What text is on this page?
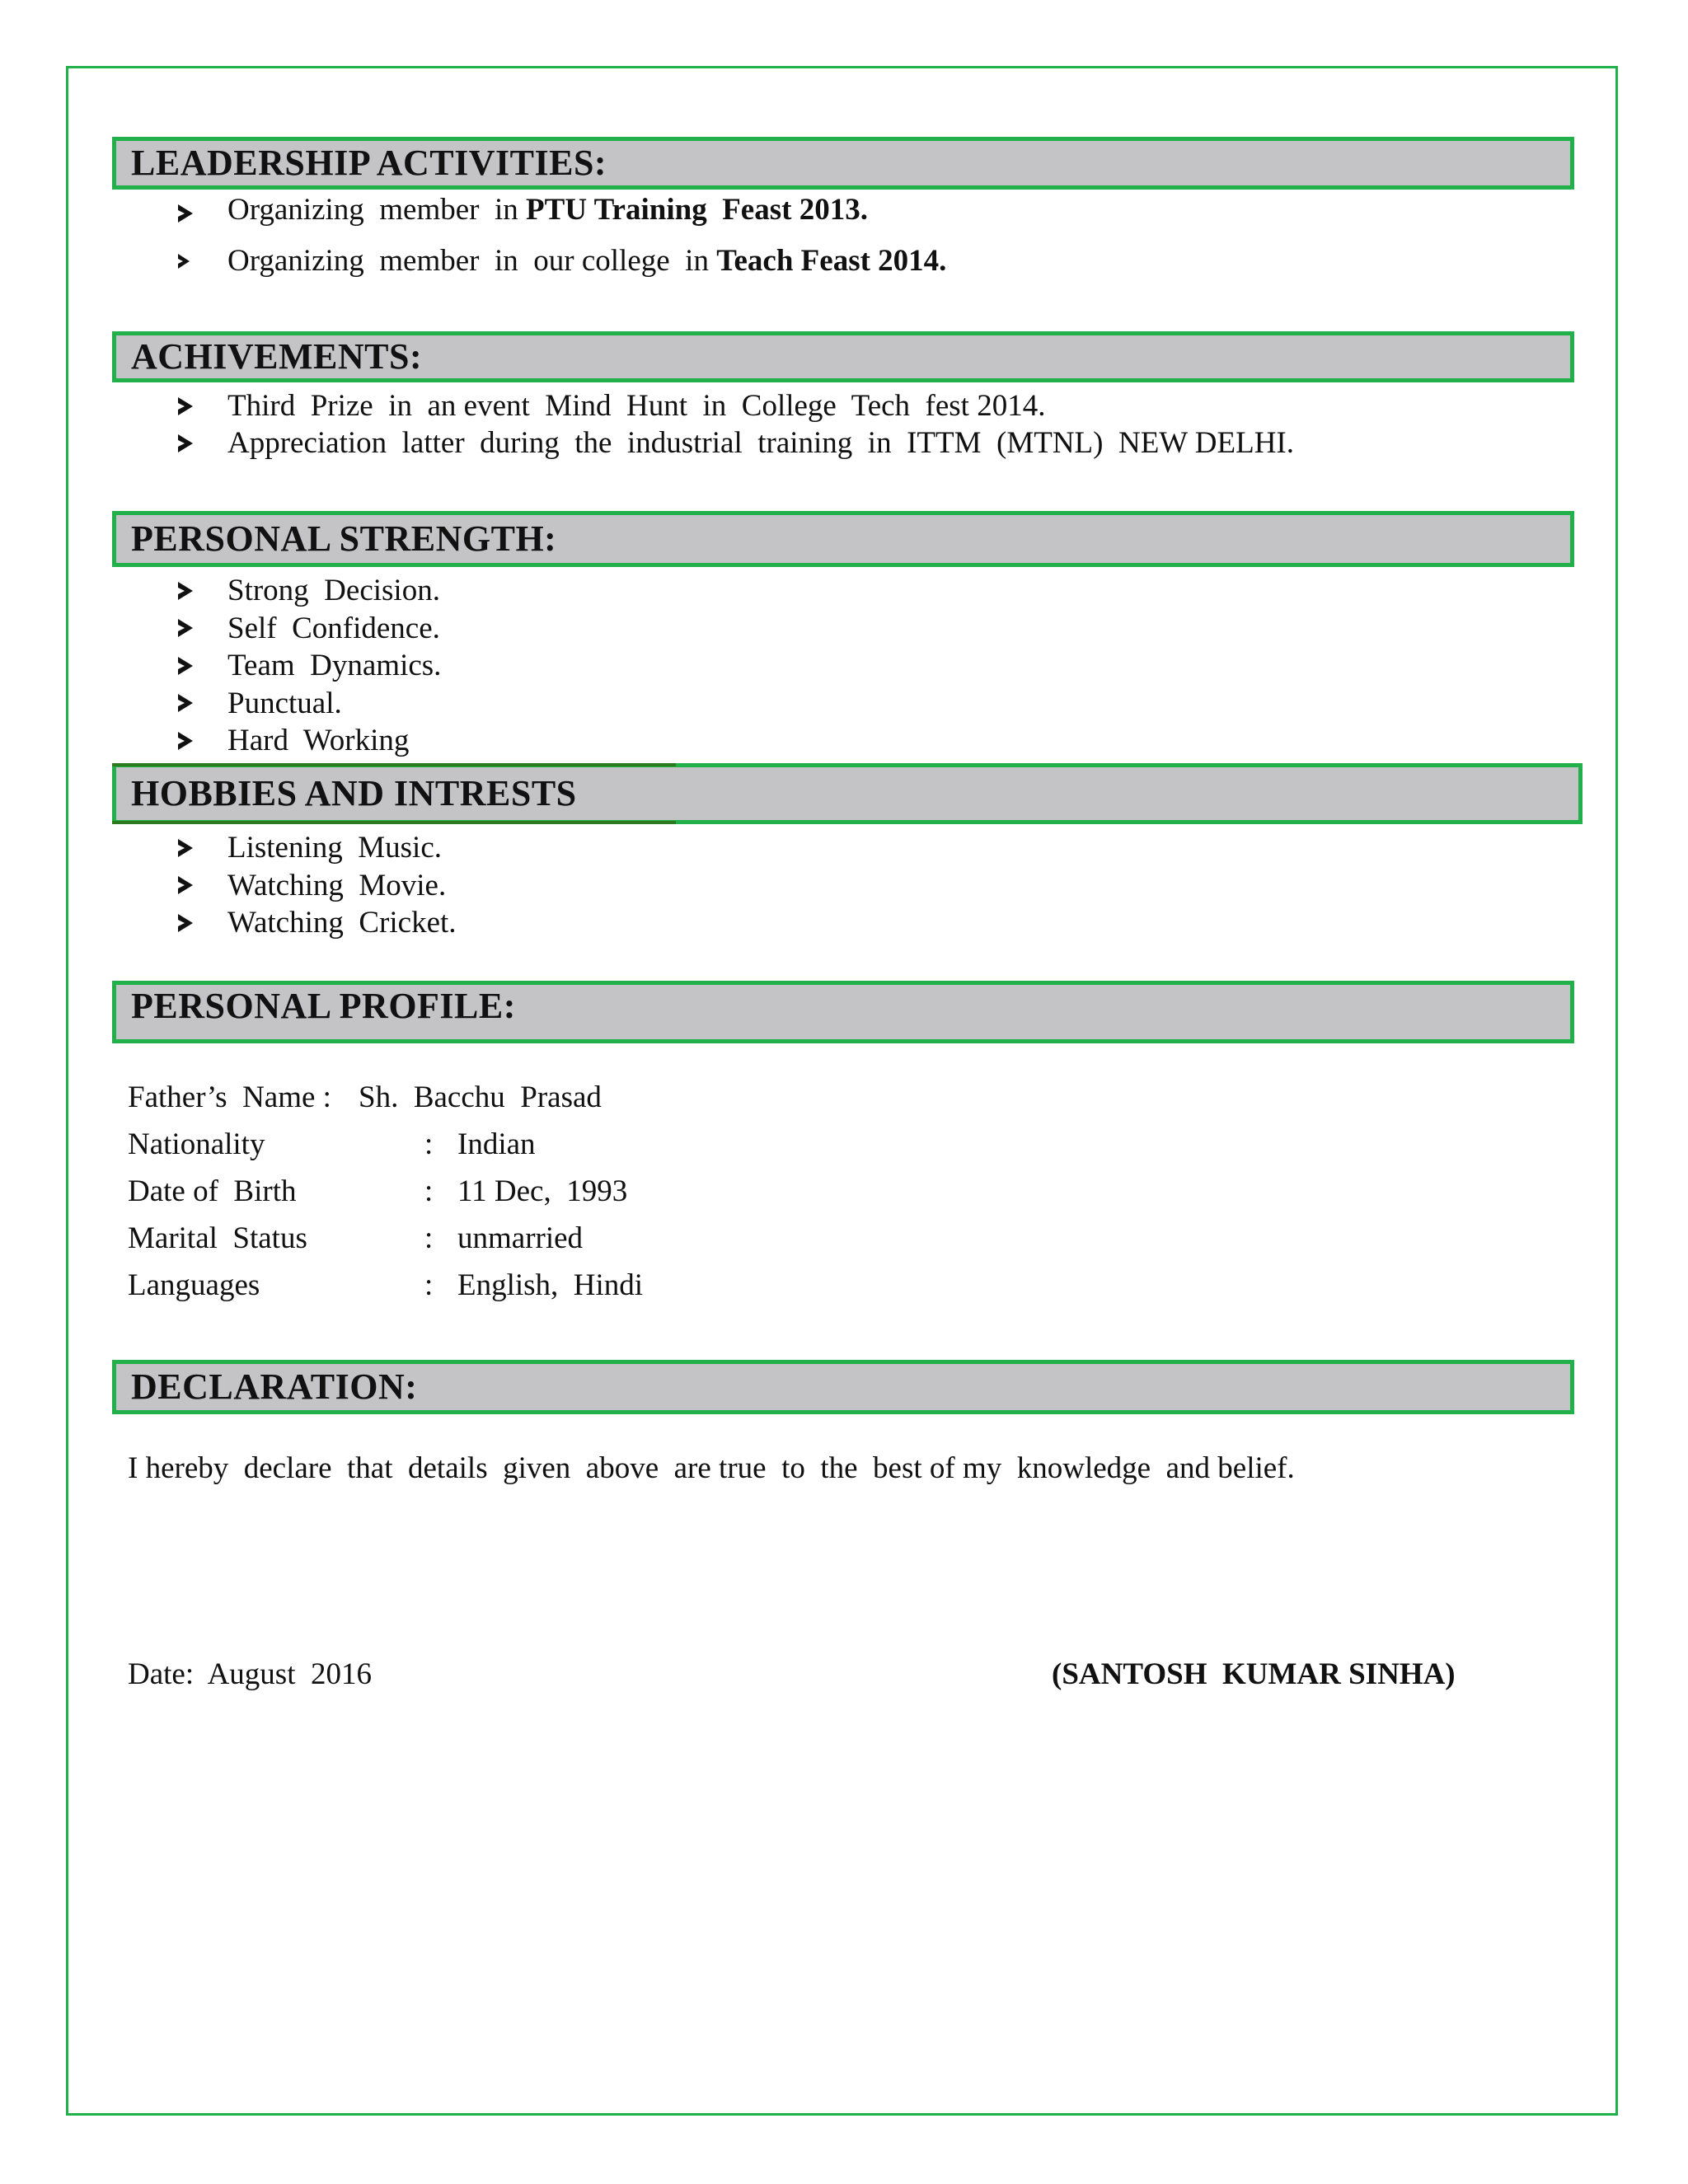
LEADERSHIP ACTIVITIES:
Organizing  member  in PTU Training  Feast 2013.
Organizing  member  in  our college  in Teach Feast 2014.
ACHIVEMENTS:
Third  Prize  in  an event  Mind  Hunt  in  College  Tech  fest 2014.
Appreciation  latter  during  the  industrial  training  in  ITTM  (MTNL)  NEW DELHI.
PERSONAL STRENGTH:
Strong  Decision.
Self  Confidence.
Team  Dynamics.
Punctual.
Hard  Working
HOBBIES AND INTRESTS
Listening  Music.
Watching  Movie.
Watching  Cricket.
PERSONAL PROFILE:
Father’s  Name : Sh.  Bacchu  Prasad
Nationality	: Indian
Date of  Birth	: 11 Dec,  1993
Marital  Status	: unmarried
Languages	: English,  Hindi
DECLARATION:
I hereby  declare  that  details  given  above  are true  to  the  best of my  knowledge  and belief.
Date:  August  2016	(SANTOSH  KUMAR SINHA)
